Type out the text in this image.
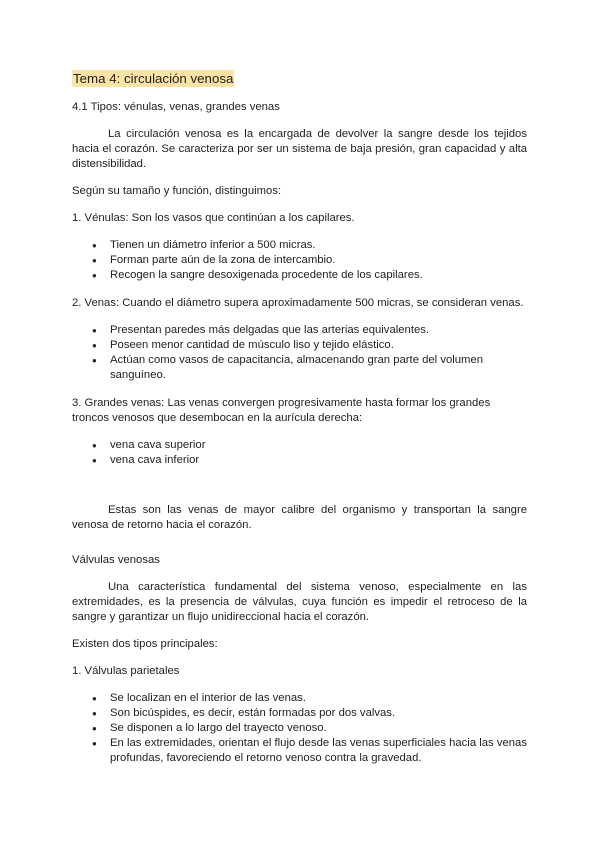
Tema 4: circulación venosa

4.1 Tipos: vénulas, venas, grandes venas

La circulación venosa es la encargada de devolver la sangre desde los tejidos hacia el corazón. Se caracteriza por ser un sistema de baja presión, gran capacidad y alta distensibilidad.

Según su tamaño y función, distinguimos:

1. Vénulas: Son los vasos que continúan a los capilares.

● Tienen un diámetro inferior a 500 micras.
● Forman parte aún de la zona de intercambio.
● Recogen la sangre desoxigenada procedente de los capilares.

2. Venas: Cuando el diámetro supera aproximadamente 500 micras, se consideran venas.

● Presentan paredes más delgadas que las arterias equivalentes.
● Poseen menor cantidad de músculo liso y tejido elástico.
● Actúan como vasos de capacitancia, almacenando gran parte del volumen sanguíneo.

3. Grandes venas: Las venas convergen progresivamente hasta formar los grandes troncos venosos que desembocan en la aurícula derecha:

● vena cava superior
● vena cava inferior

Estas son las venas de mayor calibre del organismo y transportan la sangre venosa de retorno hacia el corazón.

Válvulas venosas

Una característica fundamental del sistema venoso, especialmente en las extremidades, es la presencia de válvulas, cuya función es impedir el retroceso de la sangre y garantizar un flujo unidireccional hacia el corazón.

Existen dos tipos principales:

1. Válvulas parietales

● Se localizan en el interior de las venas.
● Son bicúspides, es decir, están formadas por dos valvas.
● Se disponen a lo largo del trayecto venoso.
● En las extremidades, orientan el flujo desde las venas superficiales hacia las venas profundas, favoreciendo el retorno venoso contra la gravedad.
